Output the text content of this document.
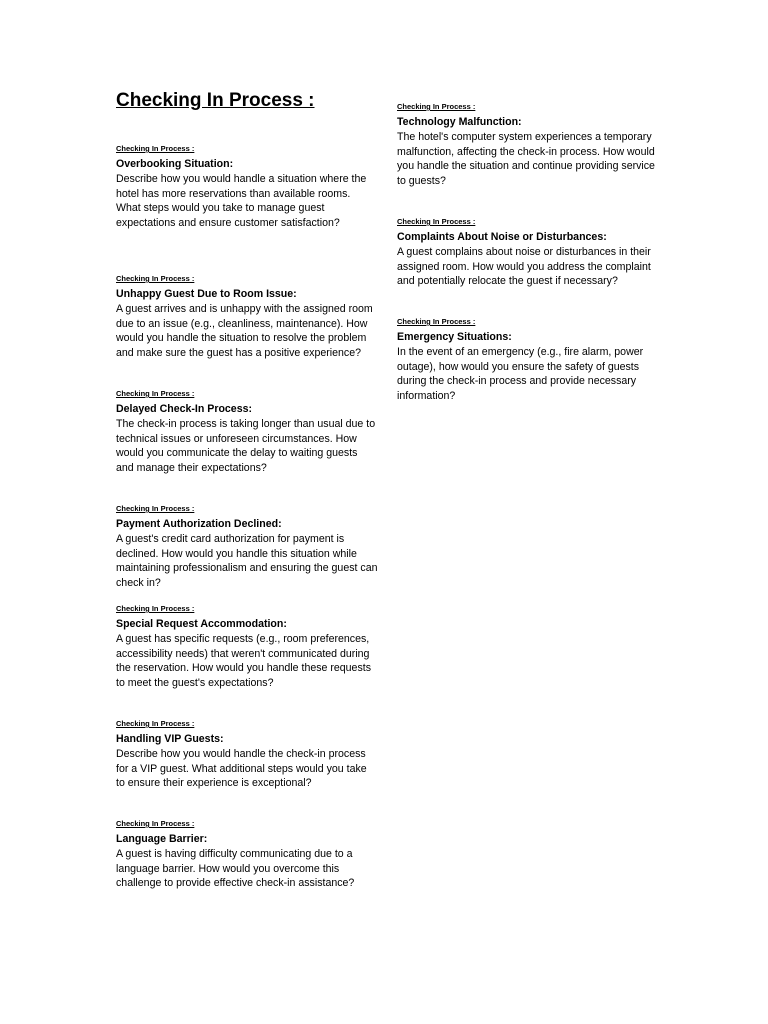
Checking In Process :

Checking In Process :

Overbooking Situation:

Describe how you would handle a situation where the hotel has more reservations than available rooms. What steps would you take to manage guest expectations and ensure customer satisfaction?

Checking In Process :

Unhappy Guest Due to Room Issue:

A guest arrives and is unhappy with the assigned room due to an issue (e.g., cleanliness, maintenance). How would you handle the situation to resolve the problem and make sure the guest has a positive experience?

Checking In Process :

Delayed Check-In Process:

The check-in process is taking longer than usual due to technical issues or unforeseen circumstances. How would you communicate the delay to waiting guests and manage their expectations?

Checking In Process :

Payment Authorization Declined:

A guest's credit card authorization for payment is declined. How would you handle this situation while maintaining professionalism and ensuring the guest can check in?

Checking In Process :

Special Request Accommodation:

A guest has specific requests (e.g., room preferences, accessibility needs) that weren't communicated during the reservation. How would you handle these requests to meet the guest's expectations?

Checking In Process :

Handling VIP Guests:

Describe how you would handle the check-in process for a VIP guest. What additional steps would you take to ensure their experience is exceptional?

Checking In Process :

Language Barrier:

A guest is having difficulty communicating due to a language barrier. How would you overcome this challenge to provide effective check-in assistance?

Checking In Process :

Technology Malfunction:

The hotel's computer system experiences a temporary malfunction, affecting the check-in process. How would you handle the situation and continue providing service to guests?

Checking In Process :

Complaints About Noise or Disturbances:

A guest complains about noise or disturbances in their assigned room. How would you address the complaint and potentially relocate the guest if necessary?

Checking In Process :

Emergency Situations:

In the event of an emergency (e.g., fire alarm, power outage), how would you ensure the safety of guests during the check-in process and provide necessary information?
